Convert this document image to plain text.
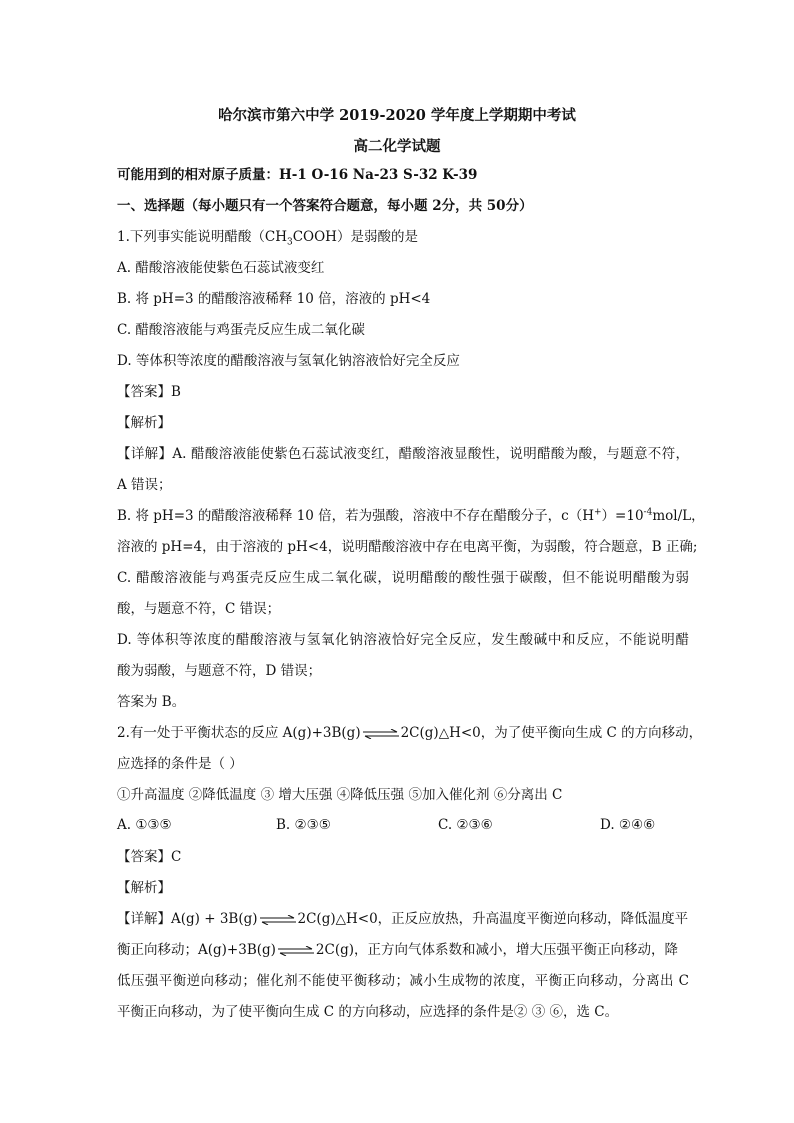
哈尔滨市第六中学 2019-2020 学年度上学期期中考试
高二化学试题
可能用到的相对原子质量：H-1 O-16 Na-23 S-32 K-39
一、选择题（每小题只有一个答案符合题意，每小题 2分，共 50分）
1.下列事实能说明醋酸$(CH_3COOH)$是弱酸的是
A. 醋酸溶液能使紫色石蕊试液变红
B. 将 pH=3 的醋酸溶液稀释 10 倍，溶液的 pH<4
C. 醋酸溶液能与鸡蛋壳反应生成二氧化碳
D. 等体积等浓度的醋酸溶液与氢氧化钠溶液恰好完全反应
【答案】B
【解析】
【详解】A. 醋酸溶液能使紫色石蕊试液变红，醋酸溶液显酸性，说明醋酸为酸，与题意不符，
A 错误；
B. 将 pH=3 的醋酸溶液稀释 10 倍，若为强酸，溶液中不存在醋酸分子，$c(H^+)=10^{-4}mol/L$，
溶液的 pH=4，由于溶液的 pH<4，说明醋酸溶液中存在电离平衡，为弱酸，符合题意，B 正确;
C. 醋酸溶液能与鸡蛋壳反应生成二氧化碳，说明醋酸的酸性强于碳酸，但不能说明醋酸为弱
酸，与题意不符，C 错误；
D. 等体积等浓度的醋酸溶液与氢氧化钠溶液恰好完全反应，发生酸碱中和反应，不能说明醋
酸为弱酸，与题意不符，D 错误；
答案为 B。
2.有一处于平衡状态的反应 A(g)+3B(g)⇌2C(g)△H<0，为了使平衡向生成 C 的方向移动，
应选择的条件是（ ）
①升高温度 ②降低温度 ③ 增大压强 ④降低压强 ⑤加入催化剂 ⑥分离出 C
A. ①③⑤	B. ②③⑤	C. ②③⑥	D. ②④⑥
【答案】C
【解析】
【详解】A(g) + 3B(g)⇌2C(g)△H<0，正反应放热，升高温度平衡逆向移动，降低温度平
衡正向移动；A(g)+3B(g)⇌2C(g)，正方向气体系数和减小，增大压强平衡正向移动，降
低压强平衡逆向移动；催化剂不能使平衡移动；减小生成物的浓度，平衡正向移动，分离出 C
平衡正向移动，为了使平衡向生成 C 的方向移动，应选择的条件是② ③ ⑥，选 C。
